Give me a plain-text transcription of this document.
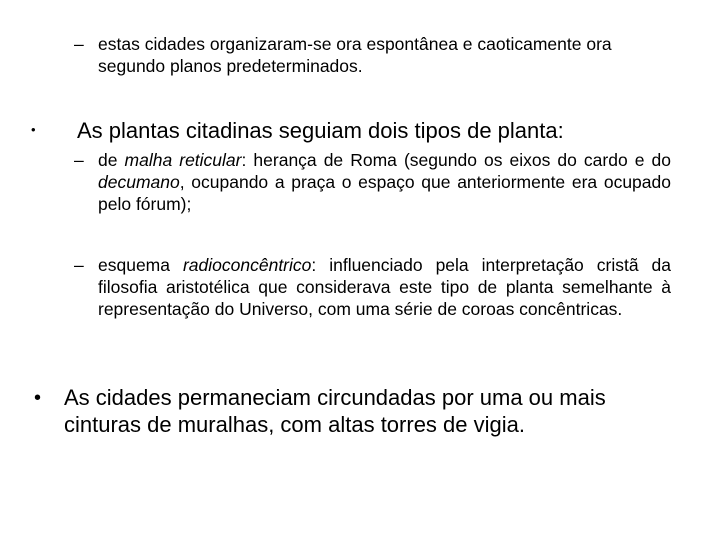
– estas cidades organizaram-se ora espontânea e caoticamente ora segundo planos predeterminados.
• As plantas citadinas seguiam dois tipos de planta:
– de malha reticular: herança de Roma (segundo os eixos do cardo e do decumano, ocupando a praça o espaço que anteriormente era ocupado pelo fórum);
– esquema radioconcêntrico: influenciado pela interpretação cristã da filosofia aristotélica que considerava este tipo de planta semelhante à representação do Universo, com uma série de coroas concêntricas.
• As cidades permaneciam circundadas por uma ou mais cinturas de muralhas, com altas torres de vigia.
